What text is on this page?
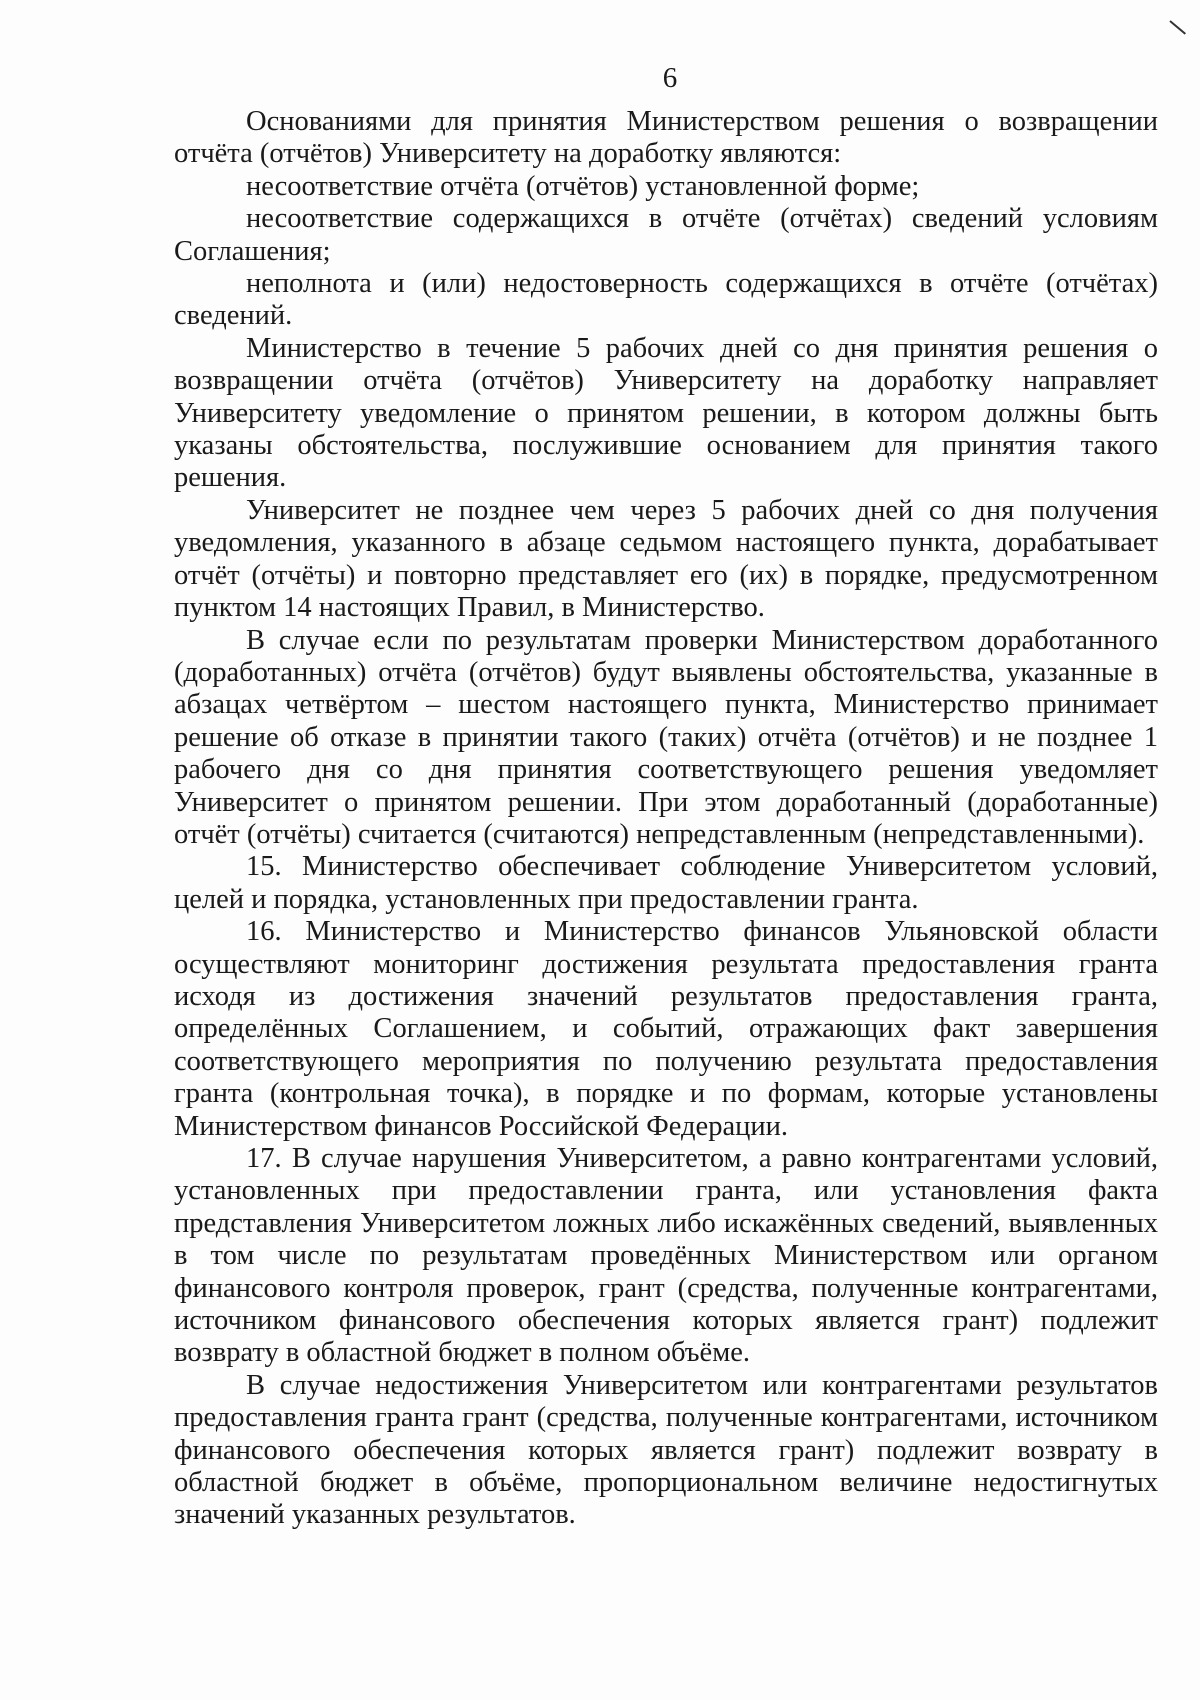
6

Основаниями для принятия Министерством решения о возвращении отчёта (отчётов) Университету на доработку являются:

несоответствие отчёта (отчётов) установленной форме;

несоответствие содержащихся в отчёте (отчётах) сведений условиям Соглашения;

неполнота и (или) недостоверность содержащихся в отчёте (отчётах) сведений.

Министерство в течение 5 рабочих дней со дня принятия решения о возвращении отчёта (отчётов) Университету на доработку направляет Университету уведомление о принятом решении, в котором должны быть указаны обстоятельства, послужившие основанием для принятия такого решения.

Университет не позднее чем через 5 рабочих дней со дня получения уведомления, указанного в абзаце седьмом настоящего пункта, дорабатывает отчёт (отчёты) и повторно представляет его (их) в порядке, предусмотренном пунктом 14 настоящих Правил, в Министерство.

В случае если по результатам проверки Министерством доработанного (доработанных) отчёта (отчётов) будут выявлены обстоятельства, указанные в абзацах четвёртом – шестом настоящего пункта, Министерство принимает решение об отказе в принятии такого (таких) отчёта (отчётов) и не позднее 1 рабочего дня со дня принятия соответствующего решения уведомляет Университет о принятом решении. При этом доработанный (доработанные) отчёт (отчёты) считается (считаются) непредставленным (непредставленными).

15. Министерство обеспечивает соблюдение Университетом условий, целей и порядка, установленных при предоставлении гранта.

16. Министерство и Министерство финансов Ульяновской области осуществляют мониторинг достижения результата предоставления гранта исходя из достижения значений результатов предоставления гранта, определённых Соглашением, и событий, отражающих факт завершения соответствующего мероприятия по получению результата предоставления гранта (контрольная точка), в порядке и по формам, которые установлены Министерством финансов Российской Федерации.

17. В случае нарушения Университетом, а равно контрагентами условий, установленных при предоставлении гранта, или установления факта представления Университетом ложных либо искажённых сведений, выявленных в том числе по результатам проведённых Министерством или органом финансового контроля проверок, грант (средства, полученные контрагентами, источником финансового обеспечения которых является грант) подлежит возврату в областной бюджет в полном объёме.

В случае недостижения Университетом или контрагентами результатов предоставления гранта грант (средства, полученные контрагентами, источником финансового обеспечения которых является грант) подлежит возврату в областной бюджет в объёме, пропорциональном величине недостигнутых значений указанных результатов.
